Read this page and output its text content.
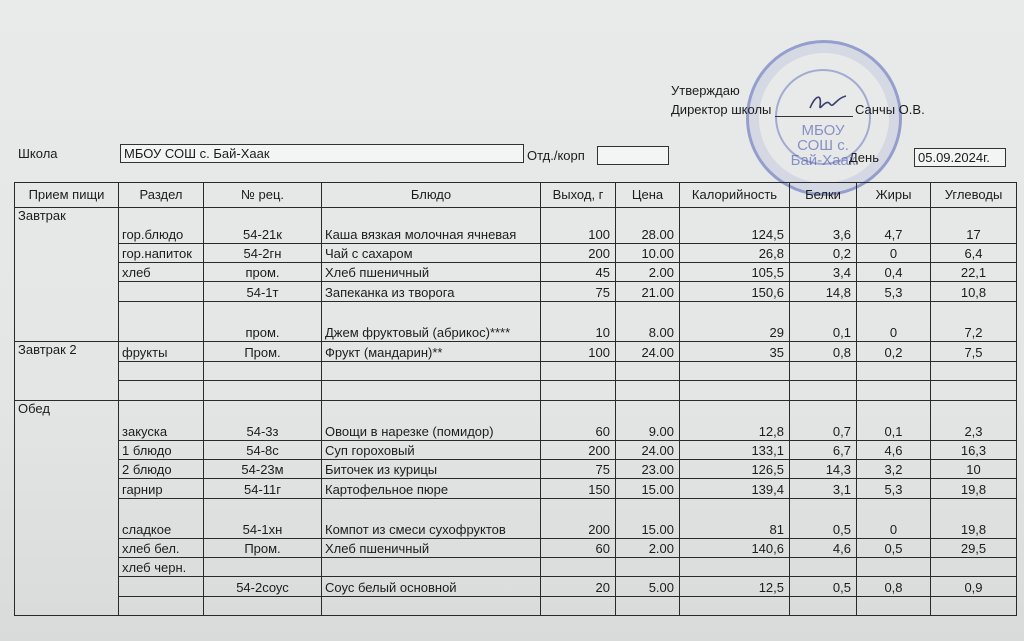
МБОУ СОШ с. Бай-Хаак
Утверждаю
Директор школы	Санчы О.В.
Школа	МБОУ СОШ с. Бай-Хаак	Отд./корп	День	05.09.2024г.
Прием пищи	Раздел	№ рец.	Блюдо	Выход, г	Цена	Калорийность	Белки	Жиры	Углеводы
Завтрак	гор.блюдо	54-21к	Каша вязкая молочная ячневая	100	28.00	124,5	3,6	4,7	17
	гор.напиток	54-2гн	Чай с сахаром	200	10.00	26,8	0,2	0	6,4
	хлеб	пром.	Хлеб пшеничный	45	2.00	105,5	3,4	0,4	22,1
		54-1т	Запеканка из творога	75	21.00	150,6	14,8	5,3	10,8
		пром.	Джем фруктовый (абрикос)****	10	8.00	29	0,1	0	7,2
Завтрак 2	фрукты	Пром.	Фрукт (мандарин)**	100	24.00	35	0,8	0,2	7,5

Обед	закуска	54-3з	Овощи в нарезке (помидор)	60	9.00	12,8	0,7	0,1	2,3
	1 блюдо	54-8с	Суп гороховый	200	24.00	133,1	6,7	4,6	16,3
	2 блюдо	54-23м	Биточек из курицы	75	23.00	126,5	14,3	3,2	10
	гарнир	54-11г	Картофельное пюре	150	15.00	139,4	3,1	5,3	19,8
	сладкое	54-1хн	Компот из смеси сухофруктов	200	15.00	81	0,5	0	19,8
	хлеб бел.	Пром.	Хлеб пшеничный	60	2.00	140,6	4,6	0,5	29,5
	хлеб черн.								
		54-2соус	Соус белый основной	20	5.00	12,5	0,5	0,8	0,9
